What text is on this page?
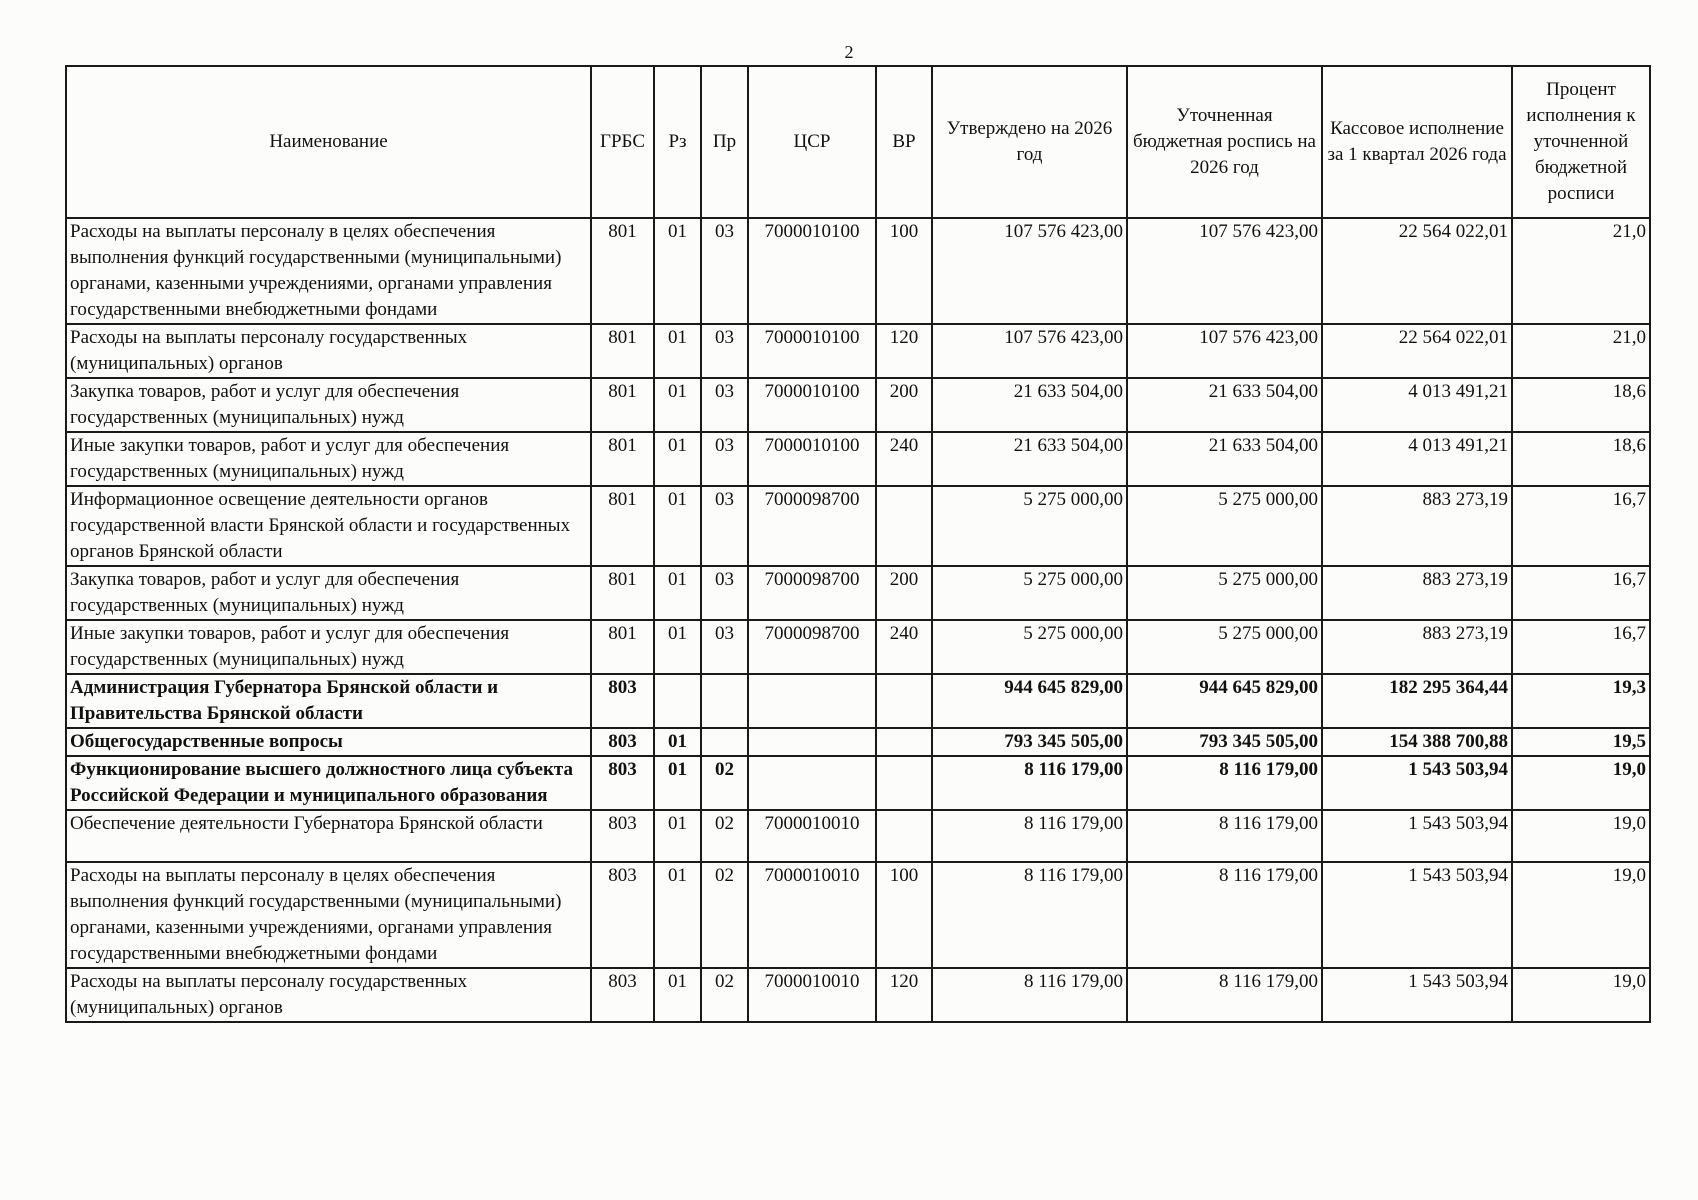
2
Наименование	ГРБС	Рз	Пр	ЦСР	ВР	Утверждено на 2026 год	Уточненная бюджетная роспись на 2026 год	Кассовое исполнение за 1 квартал 2026 года	Процент исполнения к уточненной бюджетной росписи
Расходы на выплаты персоналу в целях обеспечения выполнения функций государственными (муниципальными) органами, казенными учреждениями, органами управления государственными внебюджетными фондами	801	01	03	7000010100	100	107 576 423,00	107 576 423,00	22 564 022,01	21,0
Расходы на выплаты персоналу государственных (муниципальных) органов	801	01	03	7000010100	120	107 576 423,00	107 576 423,00	22 564 022,01	21,0
Закупка товаров, работ и услуг для обеспечения государственных (муниципальных) нужд	801	01	03	7000010100	200	21 633 504,00	21 633 504,00	4 013 491,21	18,6
Иные закупки товаров, работ и услуг для обеспечения государственных (муниципальных) нужд	801	01	03	7000010100	240	21 633 504,00	21 633 504,00	4 013 491,21	18,6
Информационное освещение деятельности органов государственной власти Брянской области и государственных органов Брянской области	801	01	03	7000098700		5 275 000,00	5 275 000,00	883 273,19	16,7
Закупка товаров, работ и услуг для обеспечения государственных (муниципальных) нужд	801	01	03	7000098700	200	5 275 000,00	5 275 000,00	883 273,19	16,7
Иные закупки товаров, работ и услуг для обеспечения государственных (муниципальных) нужд	801	01	03	7000098700	240	5 275 000,00	5 275 000,00	883 273,19	16,7
Администрация Губернатора Брянской области и Правительства Брянской области	803					944 645 829,00	944 645 829,00	182 295 364,44	19,3
Общегосударственные вопросы	803	01				793 345 505,00	793 345 505,00	154 388 700,88	19,5
Функционирование высшего должностного лица субъекта Российской Федерации и муниципального образования	803	01	02			8 116 179,00	8 116 179,00	1 543 503,94	19,0
Обеспечение деятельности Губернатора Брянской области	803	01	02	7000010010		8 116 179,00	8 116 179,00	1 543 503,94	19,0
Расходы на выплаты персоналу в целях обеспечения выполнения функций государственными (муниципальными) органами, казенными учреждениями, органами управления государственными внебюджетными фондами	803	01	02	7000010010	100	8 116 179,00	8 116 179,00	1 543 503,94	19,0
Расходы на выплаты персоналу государственных (муниципальных) органов	803	01	02	7000010010	120	8 116 179,00	8 116 179,00	1 543 503,94	19,0
